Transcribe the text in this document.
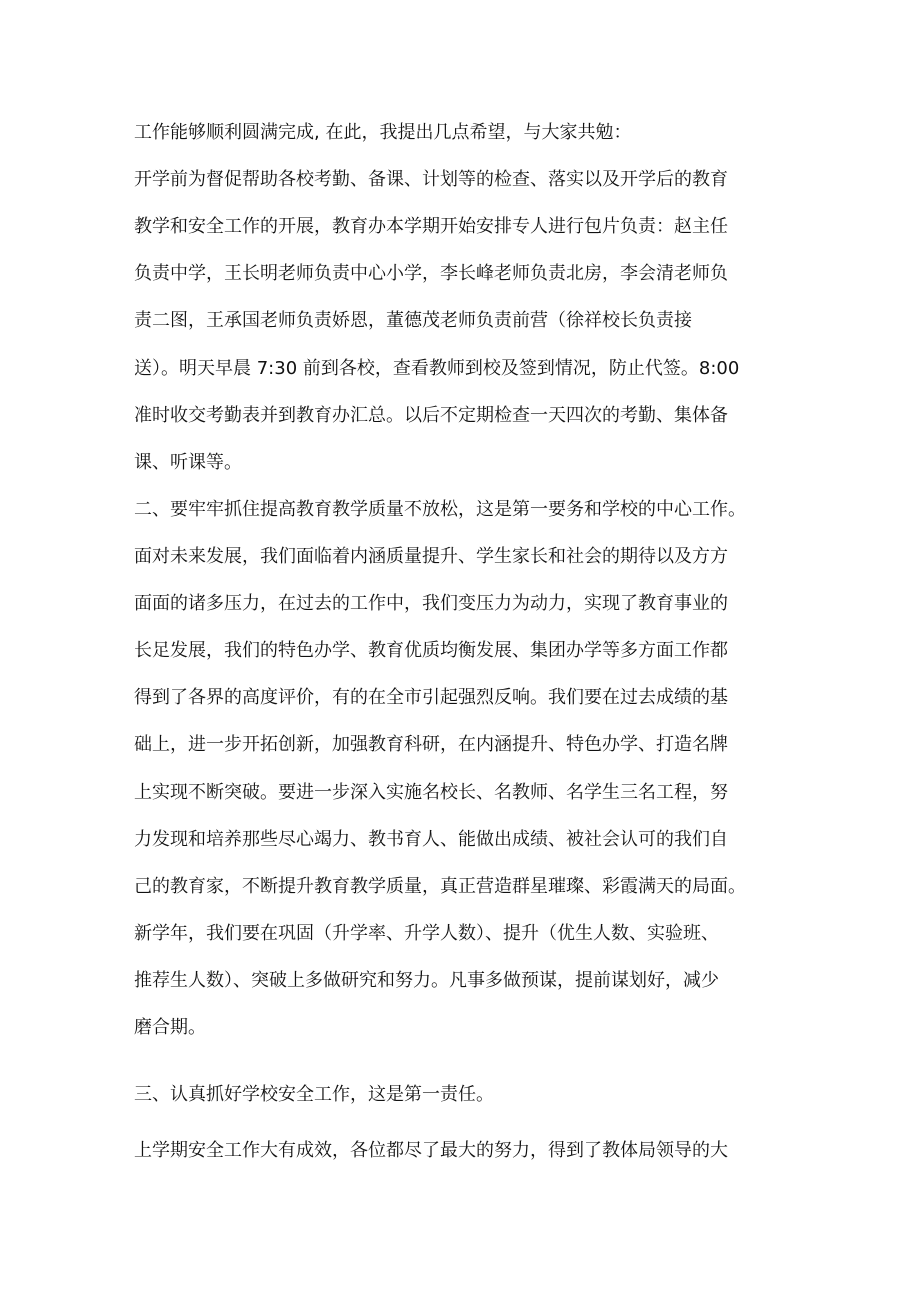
工作能够顺利圆满完成, 在此，我提出几点希望，与大家共勉：
开学前为督促帮助各校考勤、备课、计划等的检查、落实以及开学后的教育
教学和安全工作的开展，教育办本学期开始安排专人进行包片负责：赵主任
负责中学，王长明老师负责中心小学，李长峰老师负责北房，李会清老师负
责二图，王承国老师负责娇恩，董德茂老师负责前营（徐祥校长负责接
送）。明天早晨 7:30 前到各校，查看教师到校及签到情况，防止代签。8:00
准时收交考勤表并到教育办汇总。以后不定期检查一天四次的考勤、集体备
课、听课等。
二、要牢牢抓住提高教育教学质量不放松，这是第一要务和学校的中心工作。
面对未来发展，我们面临着内涵质量提升、学生家长和社会的期待以及方方
面面的诸多压力，在过去的工作中，我们变压力为动力，实现了教育事业的
长足发展，我们的特色办学、教育优质均衡发展、集团办学等多方面工作都
得到了各界的高度评价，有的在全市引起强烈反响。我们要在过去成绩的基
础上，进一步开拓创新，加强教育科研，在内涵提升、特色办学、打造名牌
上实现不断突破。要进一步深入实施名校长、名教师、名学生三名工程，努
力发现和培养那些尽心竭力、教书育人、能做出成绩、被社会认可的我们自
己的教育家，不断提升教育教学质量，真正营造群星璀璨、彩霞满天的局面。
新学年，我们要在巩固（升学率、升学人数）、提升（优生人数、实验班、
推荐生人数）、突破上多做研究和努力。凡事多做预谋，提前谋划好，减少
磨合期。
三、认真抓好学校安全工作，这是第一责任。
上学期安全工作大有成效，各位都尽了最大的努力，得到了教体局领导的大
